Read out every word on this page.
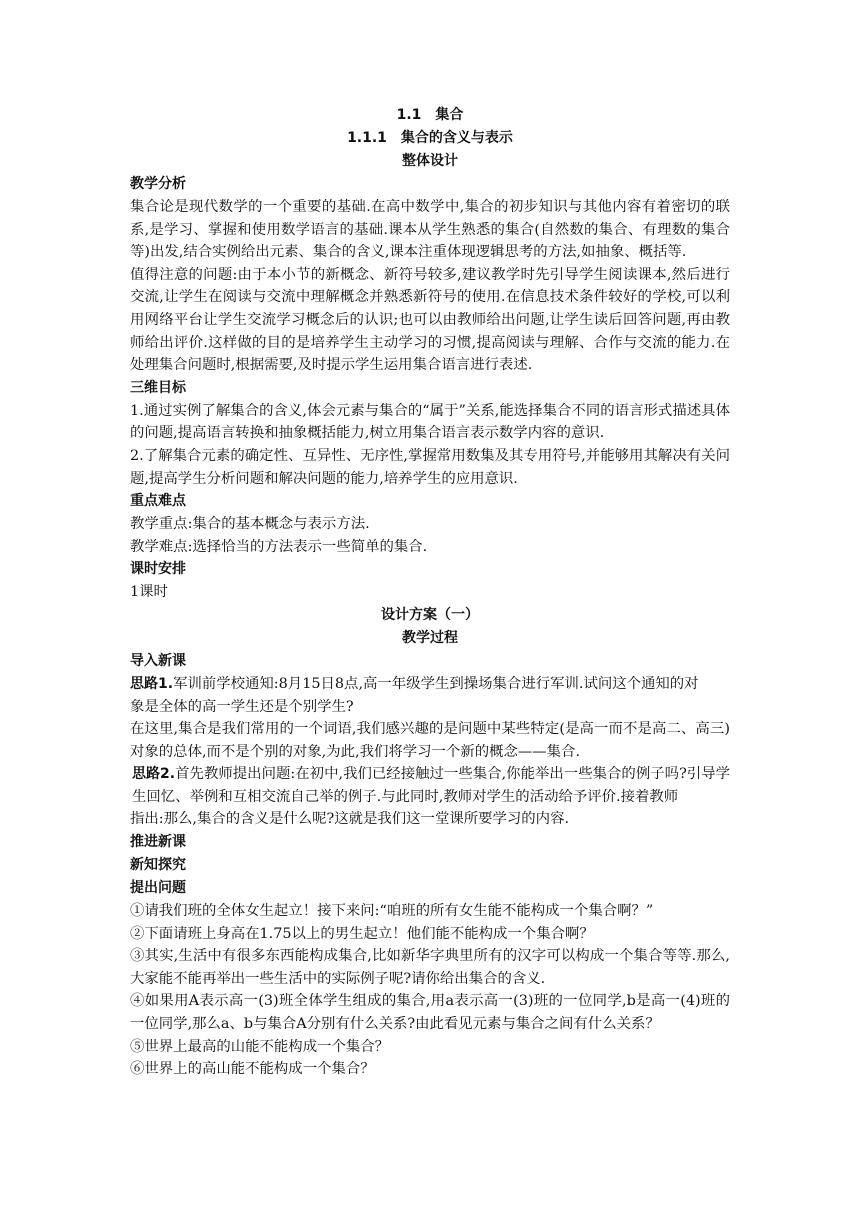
1.1　集合
1.1.1　集合的含义与表示
整体设计
教学分析

集合论是现代数学的一个重要的基础.在高中数学中,集合的初步知识与其他内容有着密切的联系,是学习、掌握和使用数学语言的基础.课本从学生熟悉的集合(自然数的集合、有理数的集合等)出发,结合实例给出元素、集合的含义,课本注重体现逻辑思考的方法,如抽象、概括等.

值得注意的问题:由于本小节的新概念、新符号较多,建议教学时先引导学生阅读课本,然后进行交流,让学生在阅读与交流中理解概念并熟悉新符号的使用.在信息技术条件较好的学校,可以利用网络平台让学生交流学习概念后的认识;也可以由教师给出问题,让学生读后回答问题,再由教师给出评价.这样做的目的是培养学生主动学习的习惯,提高阅读与理解、合作与交流的能力.在处理集合问题时,根据需要,及时提示学生运用集合语言进行表述.

三维目标

1.通过实例了解集合的含义,体会元素与集合的“属于”关系,能选择集合不同的语言形式描述具体的问题,提高语言转换和抽象概括能力,树立用集合语言表示数学内容的意识.

2.了解集合元素的确定性、互异性、无序性,掌握常用数集及其专用符号,并能够用其解决有关问题,提高学生分析问题和解决问题的能力,培养学生的应用意识.

重点难点

教学重点:集合的基本概念与表示方法.

教学难点:选择恰当的方法表示一些简单的集合.

课时安排

1课时

设计方案（一）
教学过程
导入新课

思路1.军训前学校通知:8月15日8点,高一年级学生到操场集合进行军训.试问这个通知的对

象是全体的高一学生还是个别学生?

在这里,集合是我们常用的一个词语,我们感兴趣的是问题中某些特定(是高一而不是高二、高三)对象的总体,而不是个别的对象,为此,我们将学习一个新的概念——集合.

思路2.首先教师提出问题:在初中,我们已经接触过一些集合,你能举出一些集合的例子吗?引导学生回忆、举例和互相交流自己举的例子.与此同时,教师对学生的活动给予评价.接着教师

指出:那么,集合的含义是什么呢?这就是我们这一堂课所要学习的内容.

推进新课
新知探究
提出问题

①请我们班的全体女生起立！接下来问:“咱班的所有女生能不能构成一个集合啊？”

②下面请班上身高在1.75以上的男生起立！他们能不能构成一个集合啊？

③其实,生活中有很多东西能构成集合,比如新华字典里所有的汉字可以构成一个集合等等.那么,大家能不能再举出一些生活中的实际例子呢?请你给出集合的含义.

④如果用A表示高一(3)班全体学生组成的集合,用a表示高一(3)班的一位同学,b是高一(4)班的一位同学,那么a、b与集合A分别有什么关系?由此看见元素与集合之间有什么关系？

⑤世界上最高的山能不能构成一个集合？

⑥世界上的高山能不能构成一个集合？
